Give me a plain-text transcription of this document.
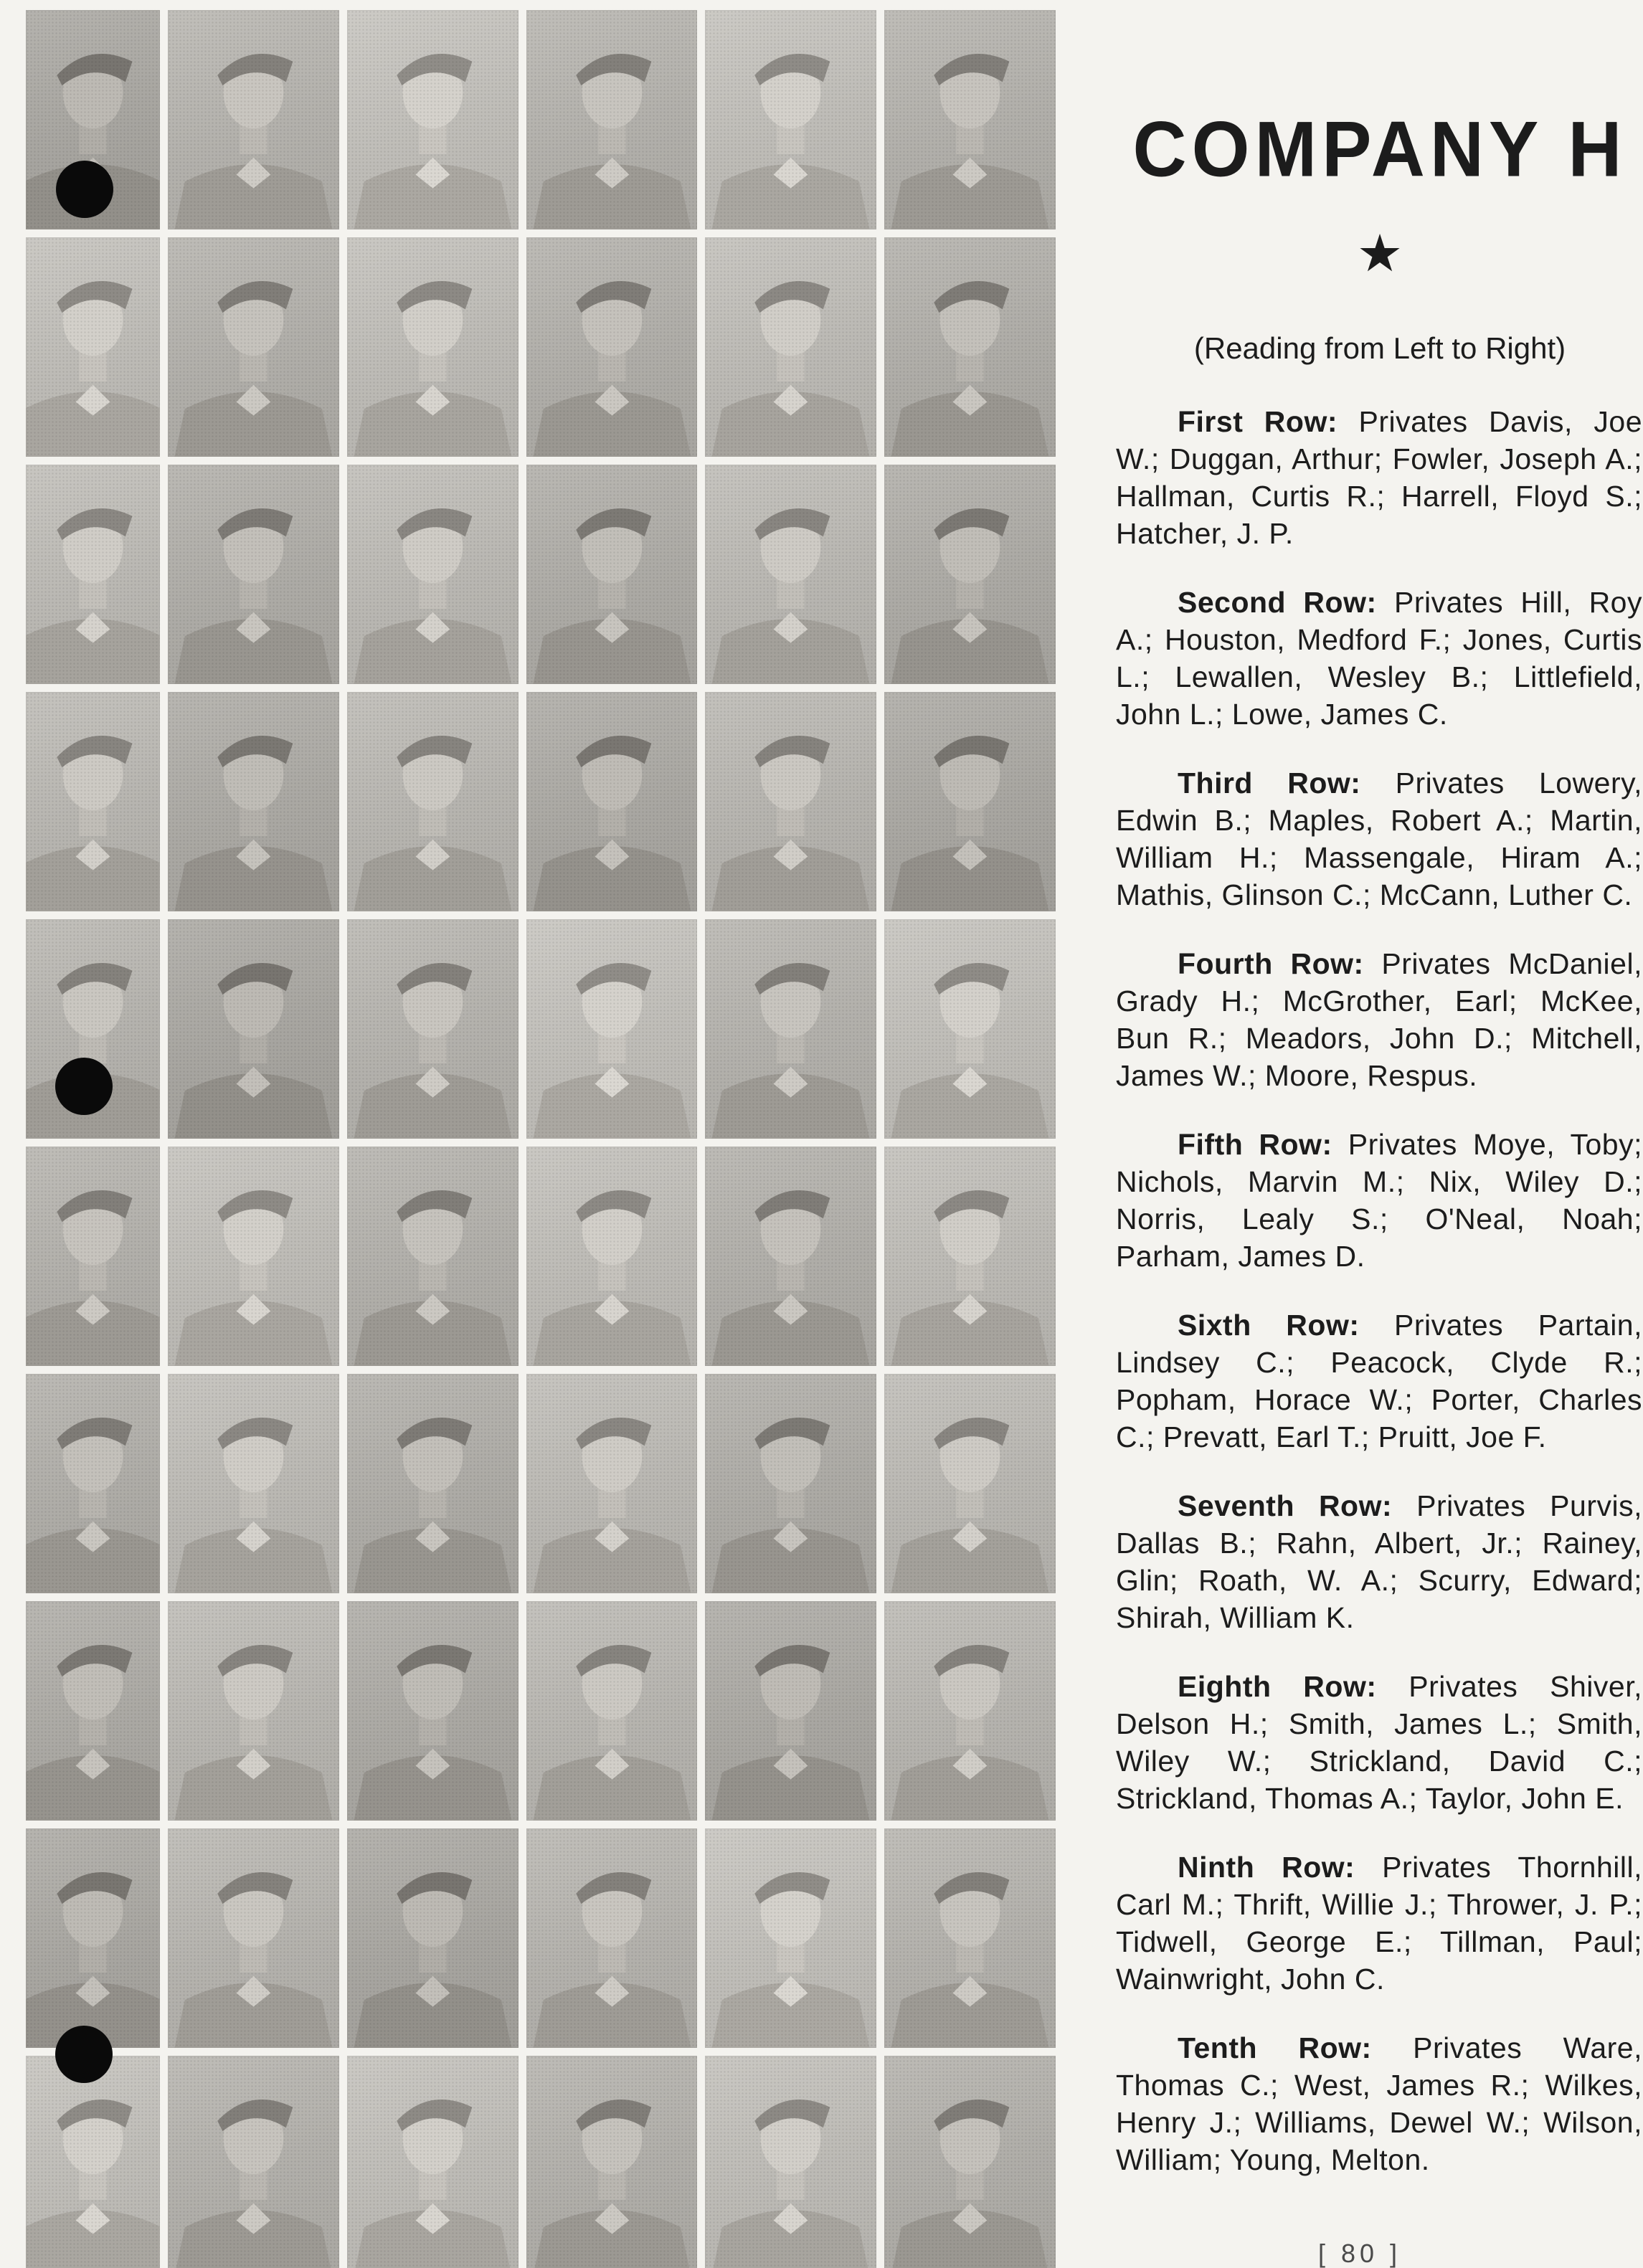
COMPANY H
★
(Reading from Left to Right)

First Row: Privates Davis, Joe W.; Duggan, Arthur; Fowler, Joseph A.; Hallman, Curtis R.; Harrell, Floyd S.; Hatcher, J. P.

Second Row: Privates Hill, Roy A.; Houston, Medford F.; Jones, Curtis L.; Lewallen, Wesley B.; Littlefield, John L.; Lowe, James C.

Third Row: Privates Lowery, Edwin B.; Maples, Robert A.; Martin, William H.; Massengale, Hiram A.; Mathis, Glinson C.; McCann, Luther C.

Fourth Row: Privates McDaniel, Grady H.; McGrother, Earl; McKee, Bun R.; Meadors, John D.; Mitchell, James W.; Moore, Respus.

Fifth Row: Privates Moye, Toby; Nichols, Marvin M.; Nix, Wiley D.; Norris, Lealy S.; O'Neal, Noah; Parham, James D.

Sixth Row: Privates Partain, Lindsey C.; Peacock, Clyde R.; Popham, Horace W.; Porter, Charles C.; Prevatt, Earl T.; Pruitt, Joe F.

Seventh Row: Privates Purvis, Dallas B.; Rahn, Albert, Jr.; Rainey, Glin; Roath, W. A.; Scurry, Edward; Shirah, William K.

Eighth Row: Privates Shiver, Delson H.; Smith, James L.; Smith, Wiley W.; Strickland, David C.; Strickland, Thomas A.; Taylor, John E.

Ninth Row: Privates Thornhill, Carl M.; Thrift, Willie J.; Thrower, J. P.; Tidwell, George E.; Tillman, Paul; Wainwright, John C.

Tenth Row: Privates Ware, Thomas C.; West, James R.; Wilkes, Henry J.; Williams, Dewel W.; Wilson, William; Young, Melton.

[ 80 ]
